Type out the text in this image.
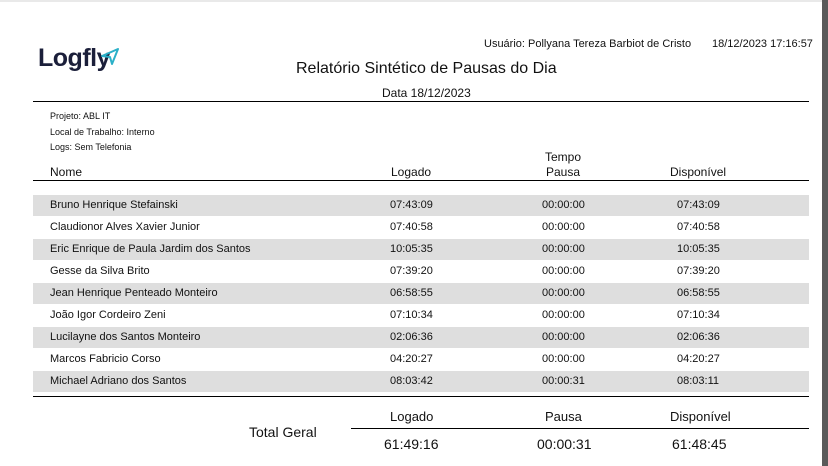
Logfly	Usuário: Pollyana Tereza Barbiot de Cristo 18/12/2023 17:16:57
Relatório Sintético de Pausas do Dia
Data 18/12/2023
Projeto: ABL IT
Local de Trabalho: Interno
Logs: Sem Telefonia
Tempo
Nome	Logado	Pausa	Disponível
Bruno Henrique Stefainski	07:43:09	00:00:00	07:43:09
Claudionor Alves Xavier Junior	07:40:58	00:00:00	07:40:58
Eric Enrique de Paula Jardim dos Santos	10:05:35	00:00:00	10:05:35
Gesse da Silva Brito	07:39:20	00:00:00	07:39:20
Jean Henrique Penteado Monteiro	06:58:55	00:00:00	06:58:55
João Igor Cordeiro Zeni	07:10:34	00:00:00	07:10:34
Lucilayne dos Santos Monteiro	02:06:36	00:00:00	02:06:36
Marcos Fabricio Corso	04:20:27	00:00:00	04:20:27
Michael Adriano dos Santos	08:03:42	00:00:31	08:03:11
Logado	Pausa	Disponível
Total Geral
61:49:16	00:00:31	61:48:45
